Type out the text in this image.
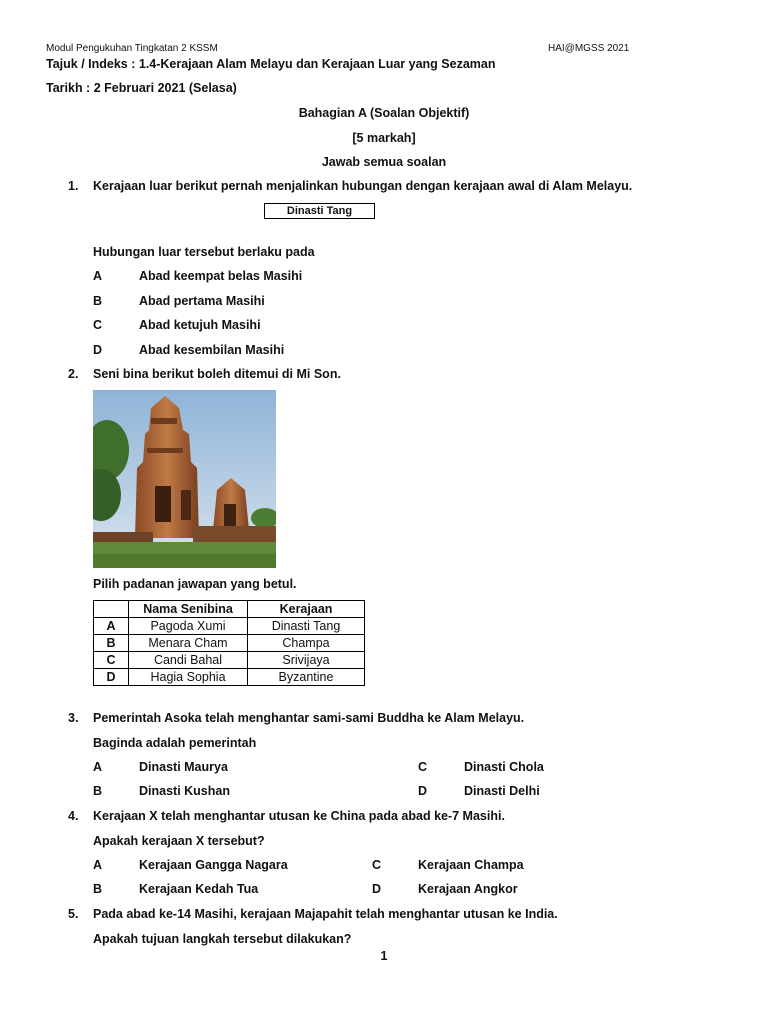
Modul Pengukuhan Tingkatan 2 KSSM	HAI@MGSS 2021
Tajuk / Indeks : 1.4-Kerajaan Alam Melayu dan Kerajaan Luar yang Sezaman
Tarikh : 2 Februari 2021 (Selasa)
Bahagian A (Soalan Objektif)
[5 markah]
Jawab semua soalan
1. Kerajaan luar berikut pernah menjalinkan hubungan dengan kerajaan awal di Alam Melayu.
Dinasti Tang
Hubungan luar tersebut berlaku pada
A	Abad keempat belas Masihi
B	Abad pertama Masihi
C	Abad ketujuh Masihi
D	Abad kesembilan Masihi
2. Seni bina berikut boleh ditemui di Mi Son.
Pilih padanan jawapan yang betul.
	Nama Senibina	Kerajaan
A	Pagoda Xumi	Dinasti Tang
B	Menara Cham	Champa
C	Candi Bahal	Srivijaya
D	Hagia Sophia	Byzantine
3. Pemerintah Asoka telah menghantar sami-sami Buddha ke Alam Melayu.
Baginda adalah pemerintah
A	Dinasti Maurya	C	Dinasti Chola
B	Dinasti Kushan	D	Dinasti Delhi
4. Kerajaan X telah menghantar utusan ke China pada abad ke-7 Masihi.
Apakah kerajaan X tersebut?
A	Kerajaan Gangga Nagara	C	Kerajaan Champa
B	Kerajaan Kedah Tua	D	Kerajaan Angkor
5. Pada abad ke-14 Masihi, kerajaan Majapahit telah menghantar utusan ke India.
Apakah tujuan langkah tersebut dilakukan?
1
